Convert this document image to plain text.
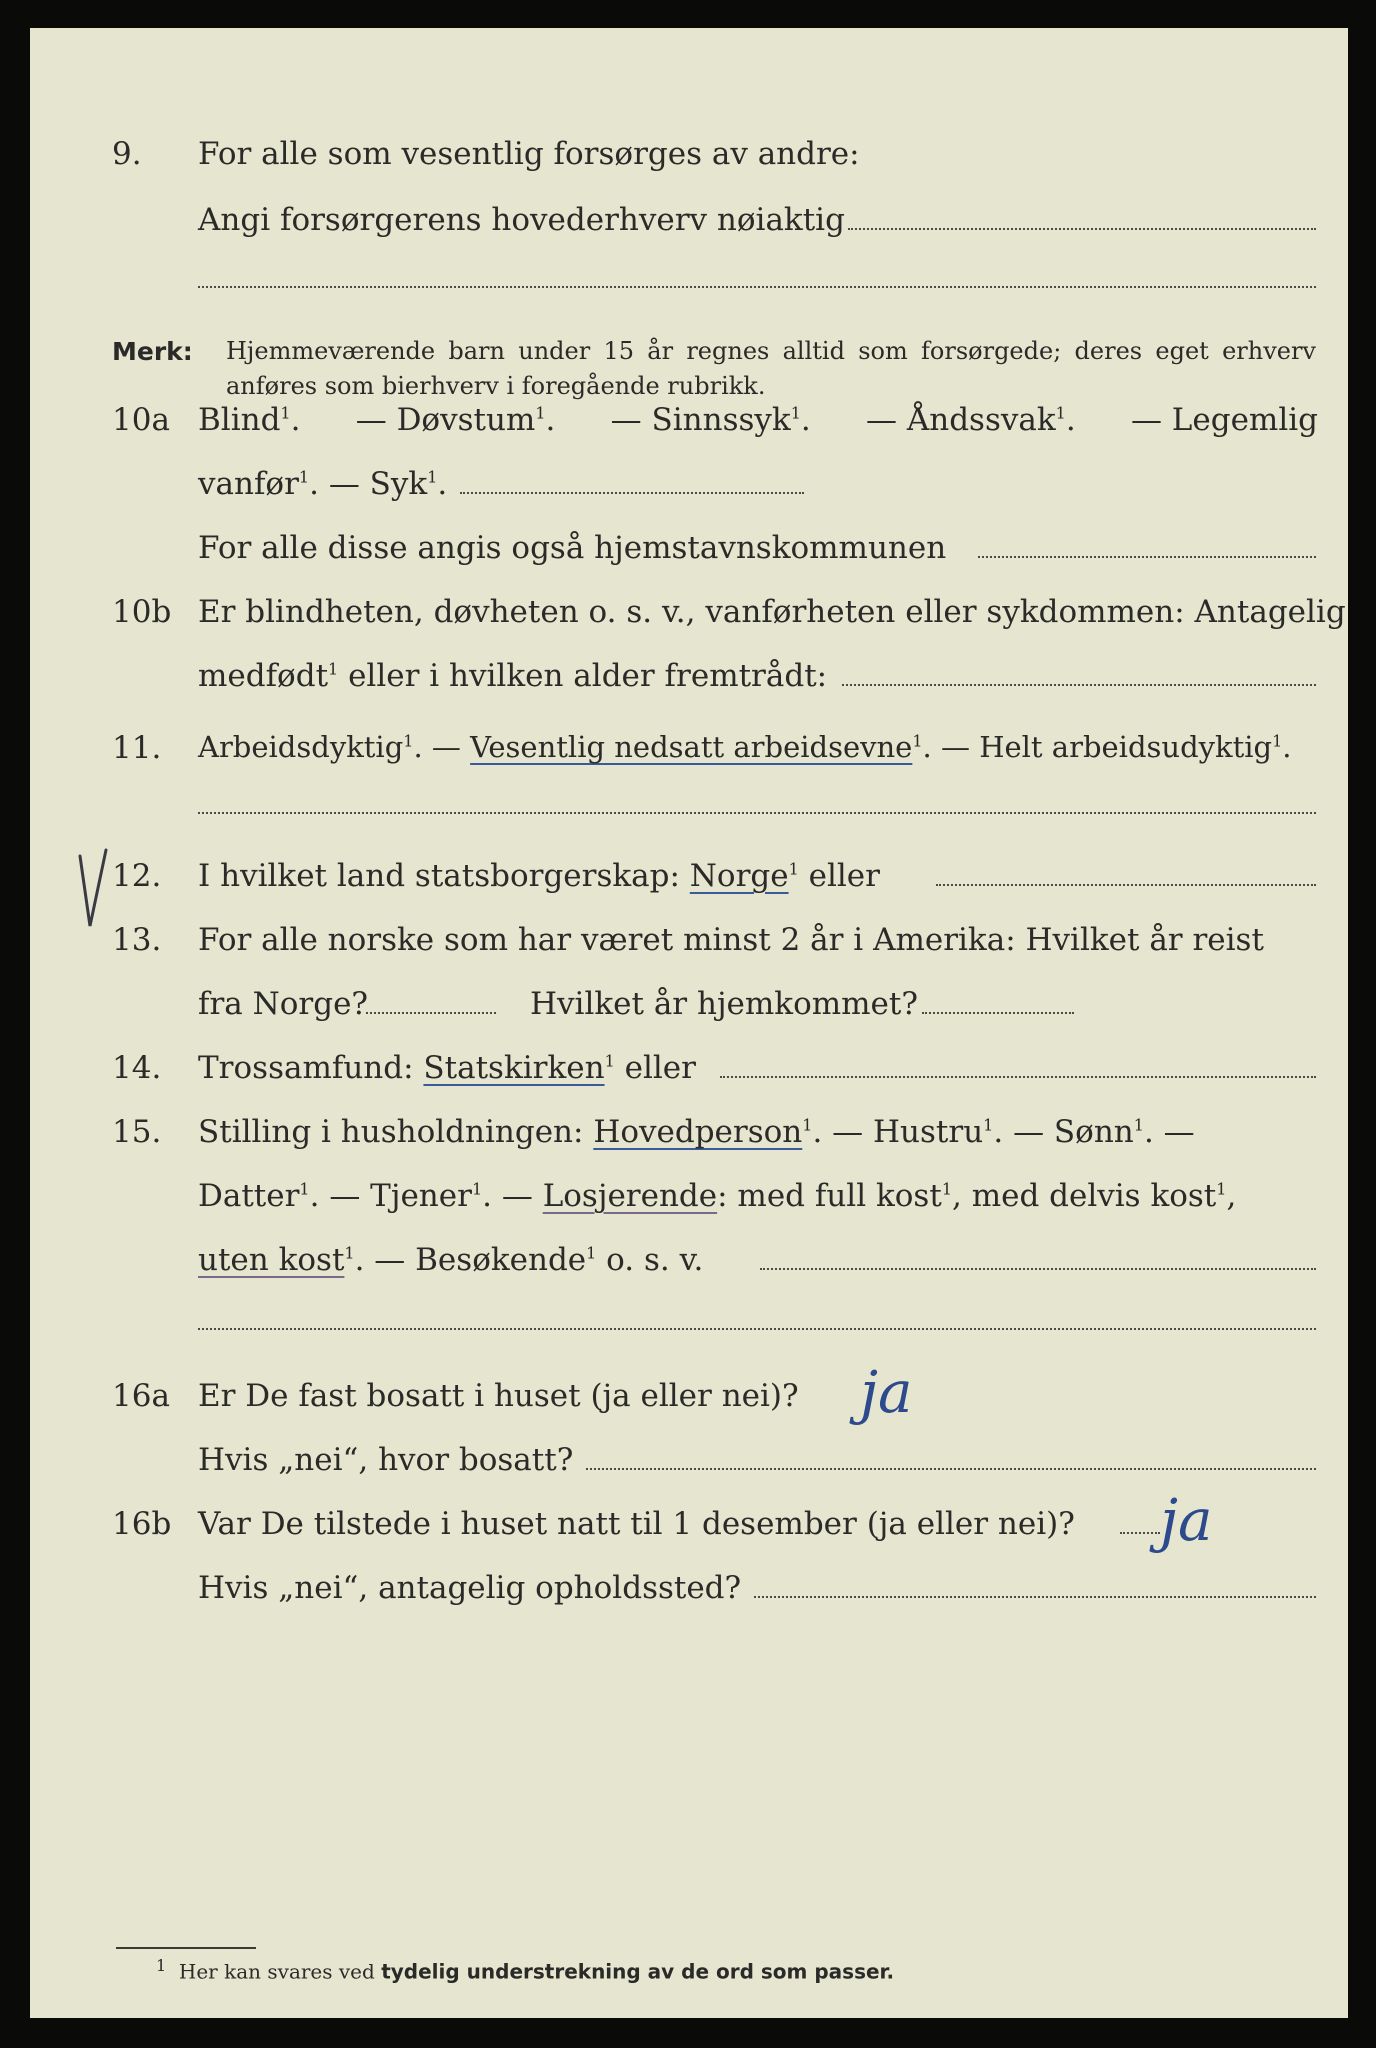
9. For alle som vesentlig forsørges av andre:
Angi forsørgerens hovederhverv nøiaktig
Merk: Hjemmeværende barn under 15 år regnes alltid som forsørgede; deres eget erhverv anføres som bierhverv i foregående rubrikk.
10a Blind$^1$. — Døvstum$^1$. — Sinnssyk$^1$. — Åndssvak$^1$. — Legemlig
vanfør$^1$. — Syk$^1$.
For alle disse angis også hjemstavnskommunen
10b Er blindheten, døvheten o. s. v., vanførheten eller sykdommen: Antagelig
medfødt$^1$ eller i hvilken alder fremtrådt:
11. Arbeidsdyktig$^1$. — Vesentlig nedsatt arbeidsevne$^1$. — Helt arbeidsudyktig$^1$.
12. I hvilket land statsborgerskap: Norge$^1$ eller
13. For alle norske som har været minst 2 år i Amerika: Hvilket år reist
fra Norge?	Hvilket år hjemkommet?
14. Trossamfund: Statskirken$^1$ eller
15. Stilling i husholdningen: Hovedperson$^1$. — Hustru$^1$. — Sønn$^1$. —
Datter$^1$. — Tjener$^1$. — Losjerende: med full kost$^1$, med delvis kost$^1$,
uten kost$^1$. — Besøkende$^1$ o. s. v.
16a Er De fast bosatt i huset (ja eller nei)? ja
Hvis „nei“, hvor bosatt?
16b Var De tilstede i huset natt til 1 desember (ja eller nei)? ja
Hvis „nei“, antagelig opholdssted?
$^1$ Her kan svares ved tydelig understrekning av de ord som passer.
